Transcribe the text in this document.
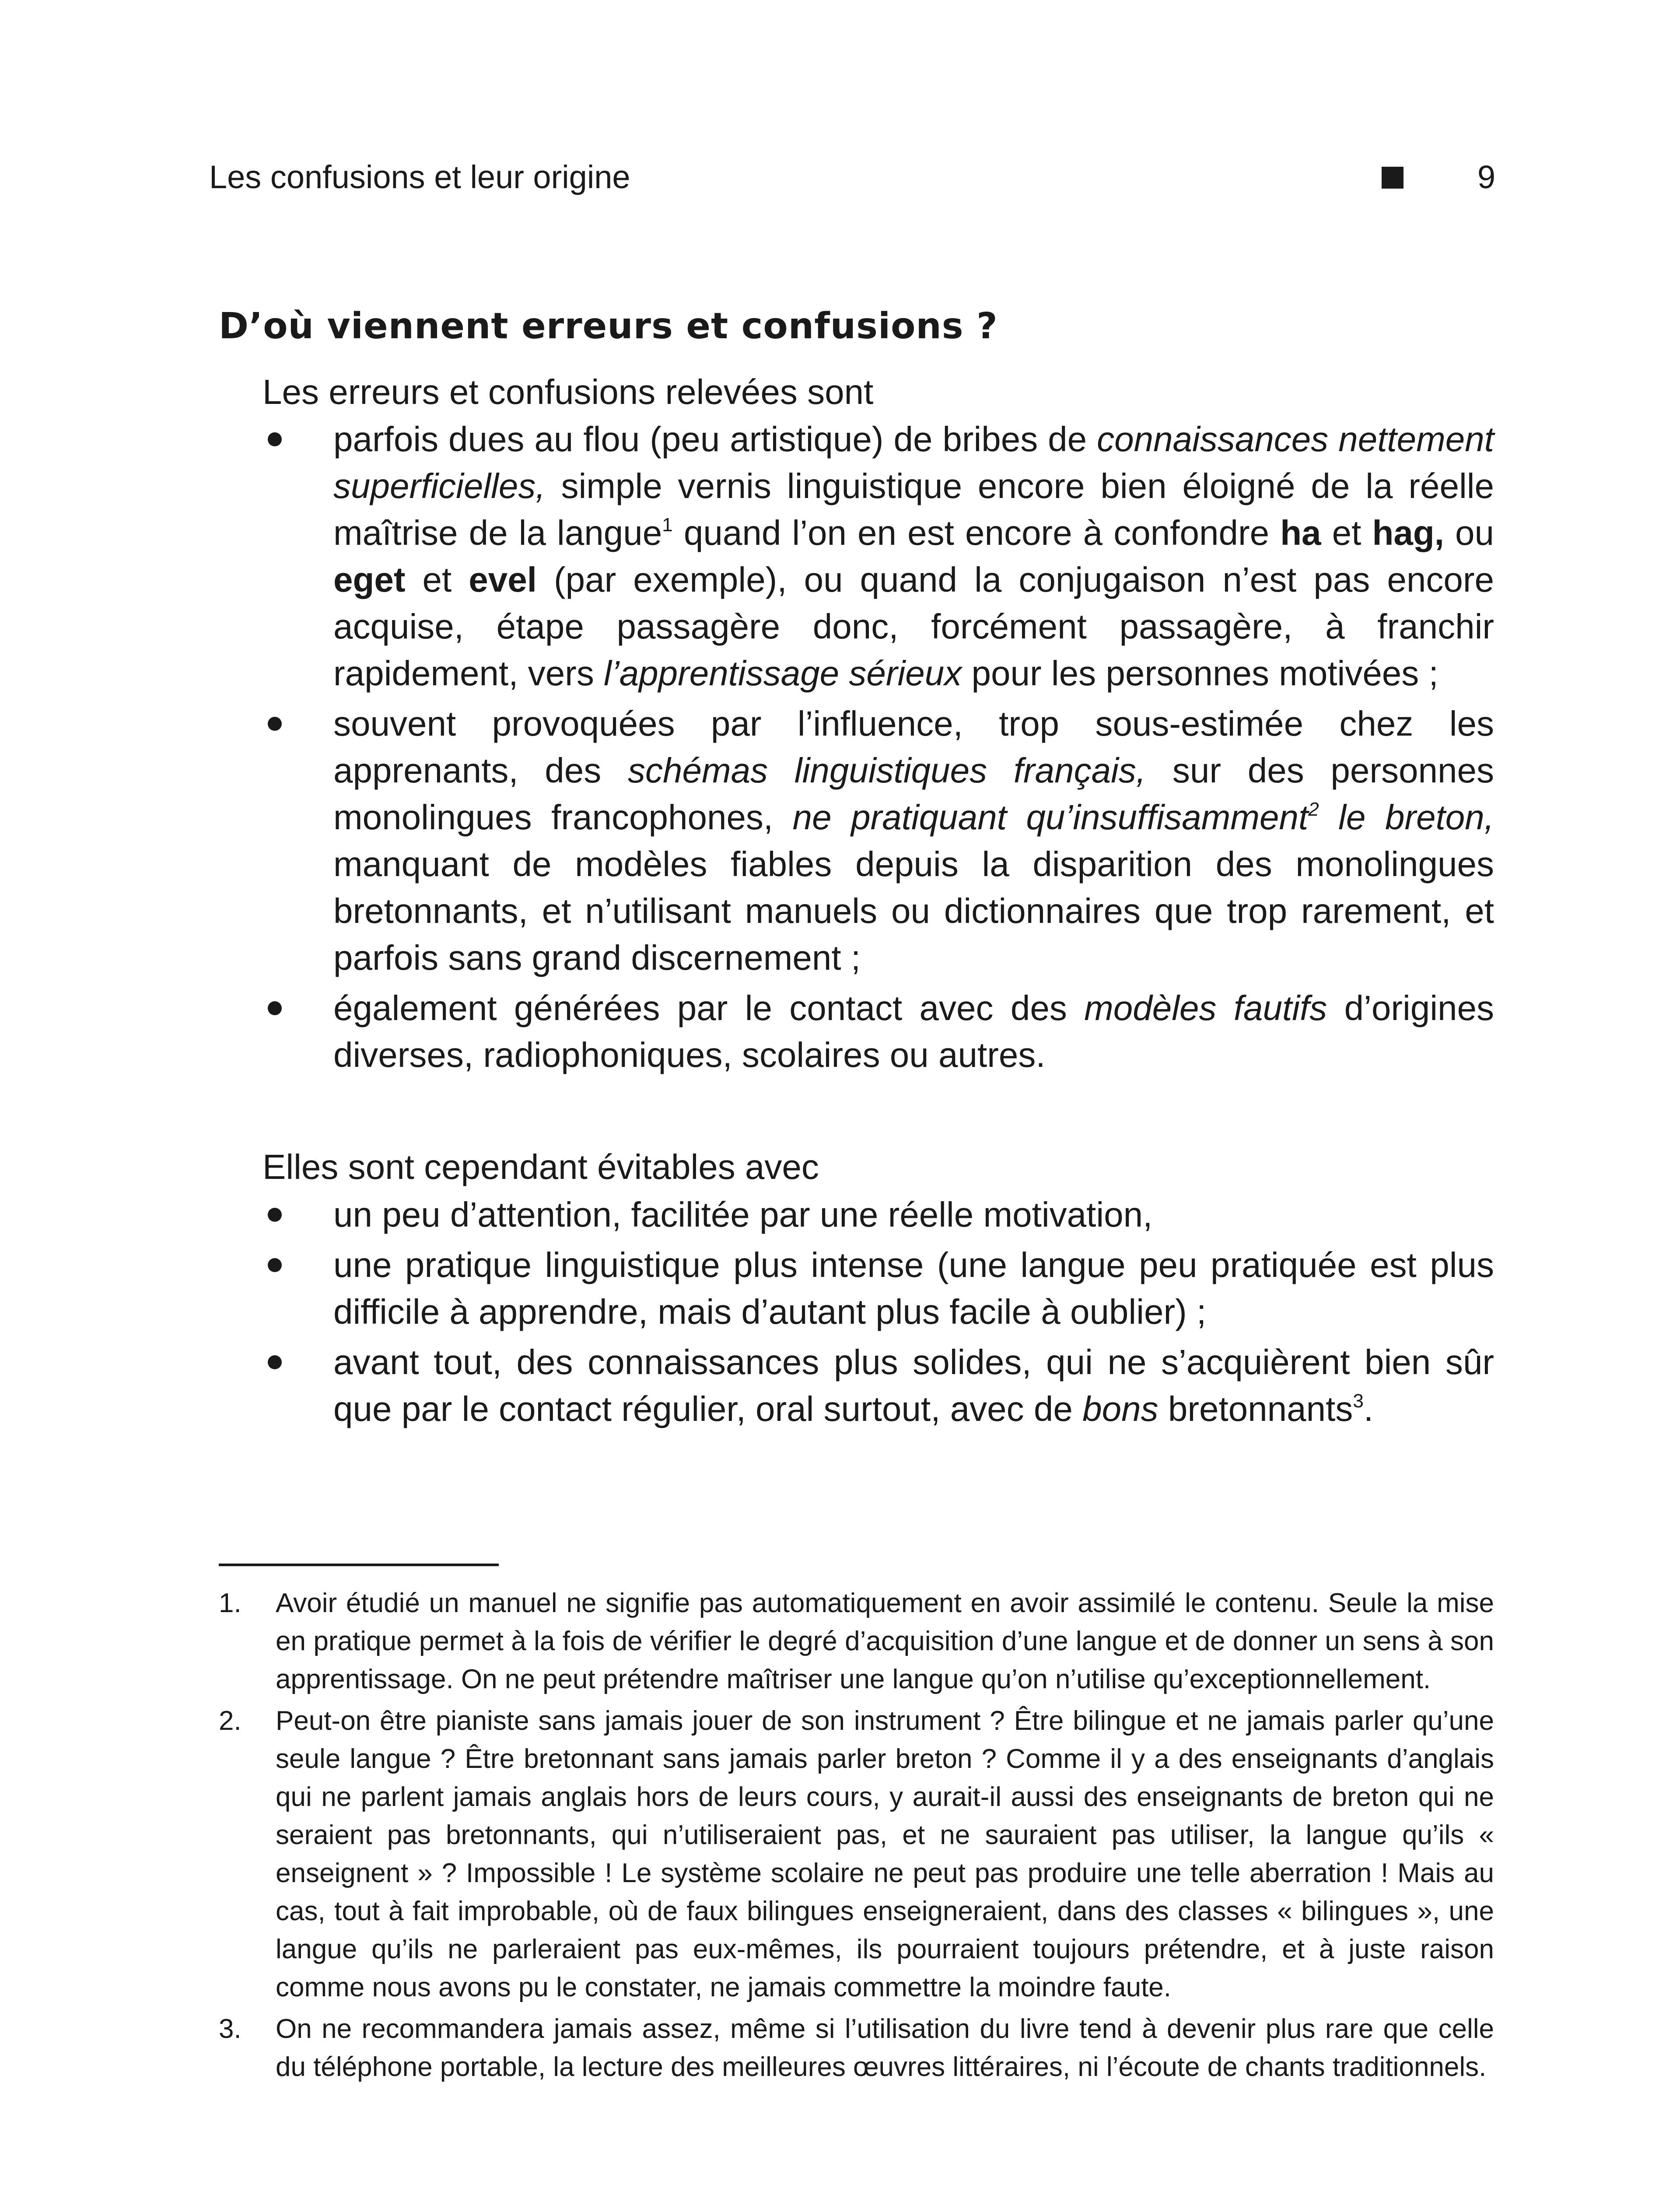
Les confusions et leur origine	9
D’où viennent erreurs et confusions ?
Les erreurs et confusions relevées sont
parfois dues au flou (peu artistique) de bribes de connaissances nettement superficielles, simple vernis linguistique encore bien éloigné de la réelle maîtrise de la langue$^1$ quand l’on en est encore à confondre ha et hag, ou eget et evel (par exemple), ou quand la conjugaison n’est pas encore acquise, étape passagère donc, forcément passagère, à franchir rapidement, vers l’apprentissage sérieux pour les personnes motivées ;
souvent provoquées par l’influence, trop sous-estimée chez les apprenants, des schémas linguistiques français, sur des personnes monolingues francophones, ne pratiquant qu’insuffisamment$^2$ le breton, manquant de modèles fiables depuis la disparition des monolingues bretonnants, et n’utilisant manuels ou dictionnaires que trop rarement, et parfois sans grand discernement ;
également générées par le contact avec des modèles fautifs d’origines diverses, radiophoniques, scolaires ou autres.
Elles sont cependant évitables avec
un peu d’attention, facilitée par une réelle motivation,
une pratique linguistique plus intense (une langue peu pratiquée est plus difficile à apprendre, mais d’autant plus facile à oublier) ;
avant tout, des connaissances plus solides, qui ne s’acquièrent bien sûr que par le contact régulier, oral surtout, avec de bons bretonnants$^3$.
1. Avoir étudié un manuel ne signifie pas automatiquement en avoir assimilé le contenu. Seule la mise en pratique permet à la fois de vérifier le degré d’acquisition d’une langue et de donner un sens à son apprentissage. On ne peut prétendre maîtriser une langue qu’on n’utilise qu’exceptionnellement.
2. Peut-on être pianiste sans jamais jouer de son instrument ? Être bilingue et ne jamais parler qu’une seule langue ? Être bretonnant sans jamais parler breton ? Comme il y a des enseignants d’anglais qui ne parlent jamais anglais hors de leurs cours, y aurait-il aussi des enseignants de breton qui ne seraient pas bretonnants, qui n’utiliseraient pas, et ne sauraient pas utiliser, la langue qu’ils « enseignent » ? Impossible ! Le système scolaire ne peut pas produire une telle aberration ! Mais au cas, tout à fait improbable, où de faux bilingues enseigneraient, dans des classes « bilingues », une langue qu’ils ne parleraient pas eux-mêmes, ils pourraient toujours prétendre, et à juste raison comme nous avons pu le constater, ne jamais commettre la moindre faute.
3. On ne recommandera jamais assez, même si l’utilisation du livre tend à devenir plus rare que celle du téléphone portable, la lecture des meilleures œuvres littéraires, ni l’écoute de chants traditionnels.
